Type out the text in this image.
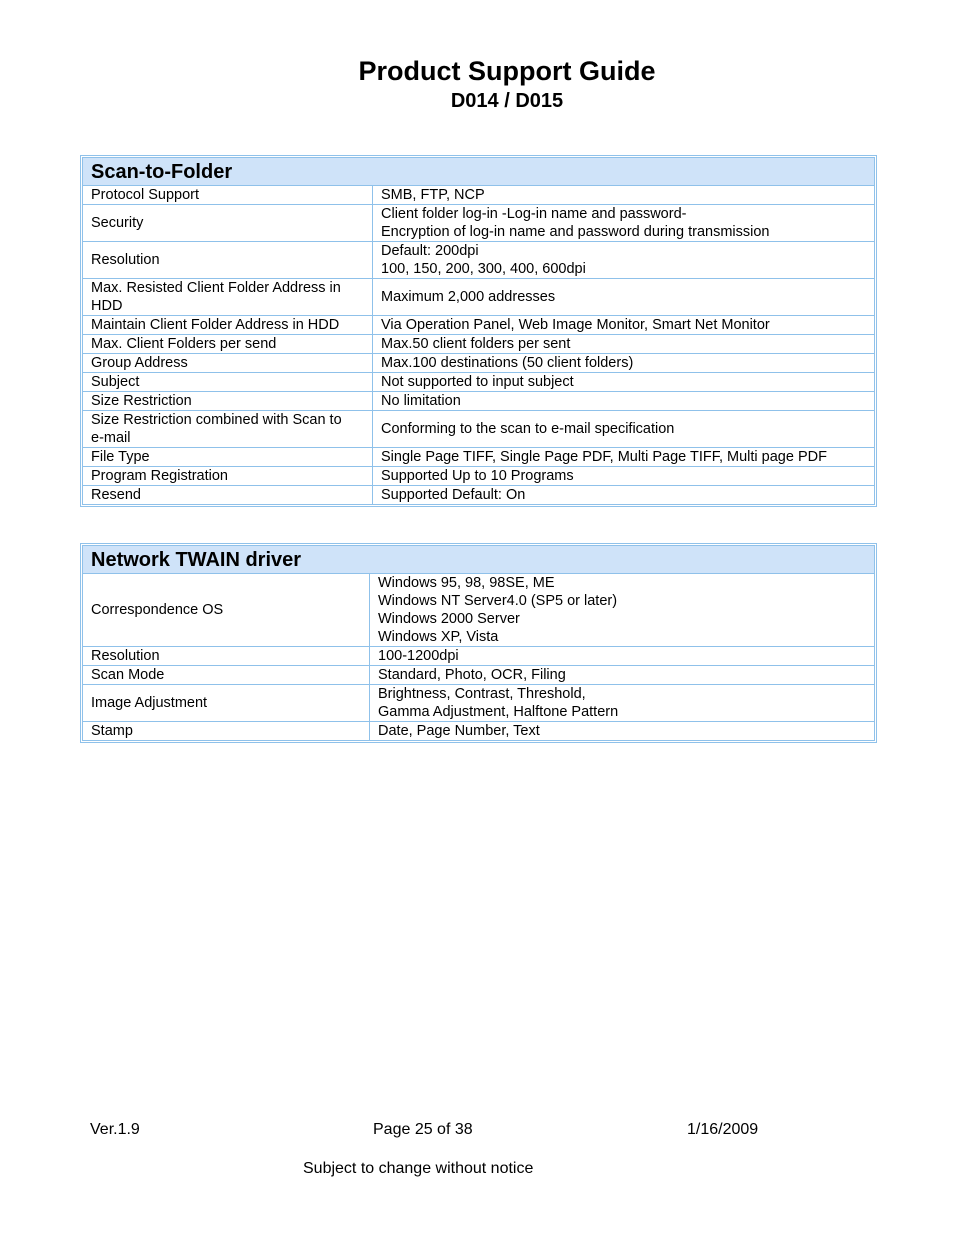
Product Support Guide
D014 / D015
Scan-to-Folder	

Protocol Support	SMB, FTP, NCP

Security	Client folder log-in -Log-in name and password-
Encryption of log-in name and password during transmission

Resolution	Default: 200dpi
100, 150, 200, 300, 400, 600dpi

Max. Resisted Client Folder Address in
HDD	Maximum 2,000 addresses

Maintain Client Folder Address in HDD	Via Operation Panel, Web Image Monitor, Smart Net Monitor

Max. Client Folders per send	Max.50 client folders per sent

Group Address	Max.100 destinations (50 client folders)

Subject	Not supported to input subject

Size Restriction	No limitation

Size Restriction combined with Scan to
e-mail	Conforming to the scan to e-mail specification

File Type	Single Page TIFF, Single Page PDF, Multi Page TIFF, Multi page PDF

Program Registration	Supported Up to 10 Programs

Resend	Supported Default: On
Network TWAIN driver	

Correspondence OS	Windows 95, 98, 98SE, ME
Windows NT Server4.0 (SP5 or later)
Windows 2000 Server
Windows XP, Vista

Resolution	100-1200dpi

Scan Mode	Standard, Photo, OCR, Filing

Image Adjustment	Brightness, Contrast, Threshold,
Gamma Adjustment, Halftone Pattern

Stamp	Date, Page Number, Text
Ver.1.9	Page 25 of 38	1/16/2009
Subject to change without notice
